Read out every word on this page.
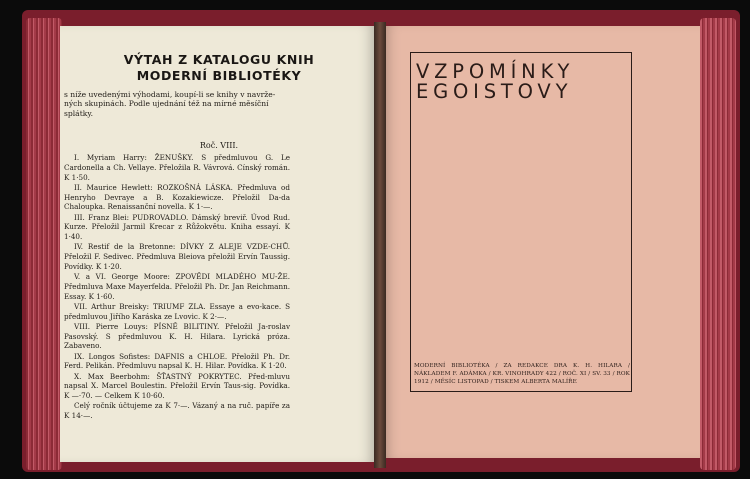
VÝTAH Z KATALOGU KNIH
MODERNÍ BIBLIOTÉKY
s níže uvedenými výhodami, koupí-li se knihy v navrže-ných skupinách. Podle ujednání též na mírné měsíční splátky.
Roč. VIII.

I. Myriam Harry: ŽENUŠKY. S předmluvou G. Le Cardonella a Ch. Vellaye. Přeložila R. Vávrová. Cínský román. K 1·50.

II. Maurice Hewlett: ROZKOŠNÁ LÁSKA. Předmluva od Henryho Devraye a B. Kozakiewicze. Přeložil Da-da Chaloupka. Renaissanční novella. K 1·—.

III. Franz Blei: PUDROVADLO. Dámský breviř. Úvod Rud. Kurze. Přeložil Jarmil Krecar z Růžokvětu. Kniha essayí. K 1·40.

IV. Restif de la Bretonne: DÍVKY Z ALEJE VZDE-CHŮ. Přeložil F. Sedivec. Předmluva Bleiova přeložil Ervín Taussig. Povídky. K 1·20.

V. a VI. George Moore: ZPOVĚDI MLADÉHO MU-ŽE. Předmluva Maxe Mayerfelda. Přeložil Ph. Dr. Jan Reichmann. Essay. K 1·60.

VII. Arthur Breisky: TRIUMF ZLA. Essaye a evo-kace. S předmluvou Jiřího Karáska ze Lvovic. K 2·—.

VIII. Pierre Louys: PÍSNĚ BILITINY. Přeložil Ja-roslav Pasovský. S předmluvou K. H. Hilara. Lyrická próza. Zabaveno.

IX. Longos Sofistes: DAFNIS a CHLOE. Přeložil Ph. Dr. Ferd. Pelikán. Předmluvu napsal K. H. Hilar. Povídka. K 1·20.

X. Max Beerbohm: ŠŤASTNÝ POKRYTEC. Před-mluvu napsal X. Marcel Boulestin. Přeložil Ervín Taus-sig. Povídka. K —·70. — Celkem K 10·60.

Celý ročník účtujeme za K 7·—. Vázaný a na ruč. papíře za K 14·—.

VZPOMÍNKY
EGOISTOVY
MODERNÍ BIBLIOTÉKA / ZA REDAKCE DRA K. H. HILARA / NÁKLADEM F. ADÁMKA / KR. VINOHRADY 422 / ROČ. XI / SV. 33 / ROK 1912 / MĚSÍC LISTOPAD / TISKEM ALBERTA MALÍŘE
